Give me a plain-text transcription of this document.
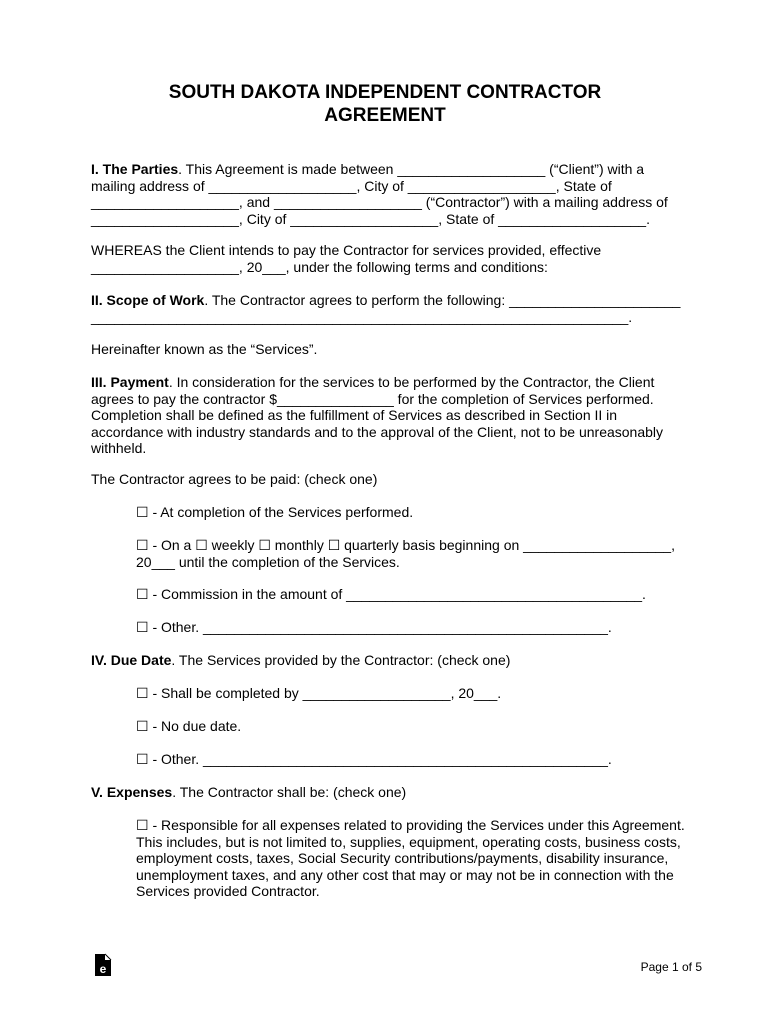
SOUTH DAKOTA INDEPENDENT CONTRACTOR
AGREEMENT

I. The Parties. This Agreement is made between ___________________ (“Client”) with a mailing address of ___________________, City of ___________________, State of ___________________, and ___________________ (“Contractor”) with a mailing address of ___________________, City of ___________________, State of ___________________.

WHEREAS the Client intends to pay the Contractor for services provided, effective ___________________, 20___, under the following terms and conditions:

II. Scope of Work. The Contractor agrees to perform the following: ______________________ _____________________________________________________________________.

Hereinafter known as the “Services”.

III. Payment. In consideration for the services to be performed by the Contractor, the Client agrees to pay the contractor $_______________ for the completion of Services performed. Completion shall be defined as the fulfillment of Services as described in Section II in accordance with industry standards and to the approval of the Client, not to be unreasonably withheld.

The Contractor agrees to be paid: (check one)

☐ - At completion of the Services performed.

☐ - On a ☐ weekly ☐ monthly ☐ quarterly basis beginning on ___________________, 20___ until the completion of the Services.

☐ - Commission in the amount of ______________________________________.

☐ - Other. ____________________________________________________.

IV. Due Date. The Services provided by the Contractor: (check one)

☐ - Shall be completed by ___________________, 20___.

☐ - No due date.

☐ - Other. ____________________________________________________.

V. Expenses. The Contractor shall be: (check one)

☐ - Responsible for all expenses related to providing the Services under this Agreement. This includes, but is not limited to, supplies, equipment, operating costs, business costs, employment costs, taxes, Social Security contributions/payments, disability insurance, unemployment taxes, and any other cost that may or may not be in connection with the Services provided Contractor.

e	Page 1 of 5
